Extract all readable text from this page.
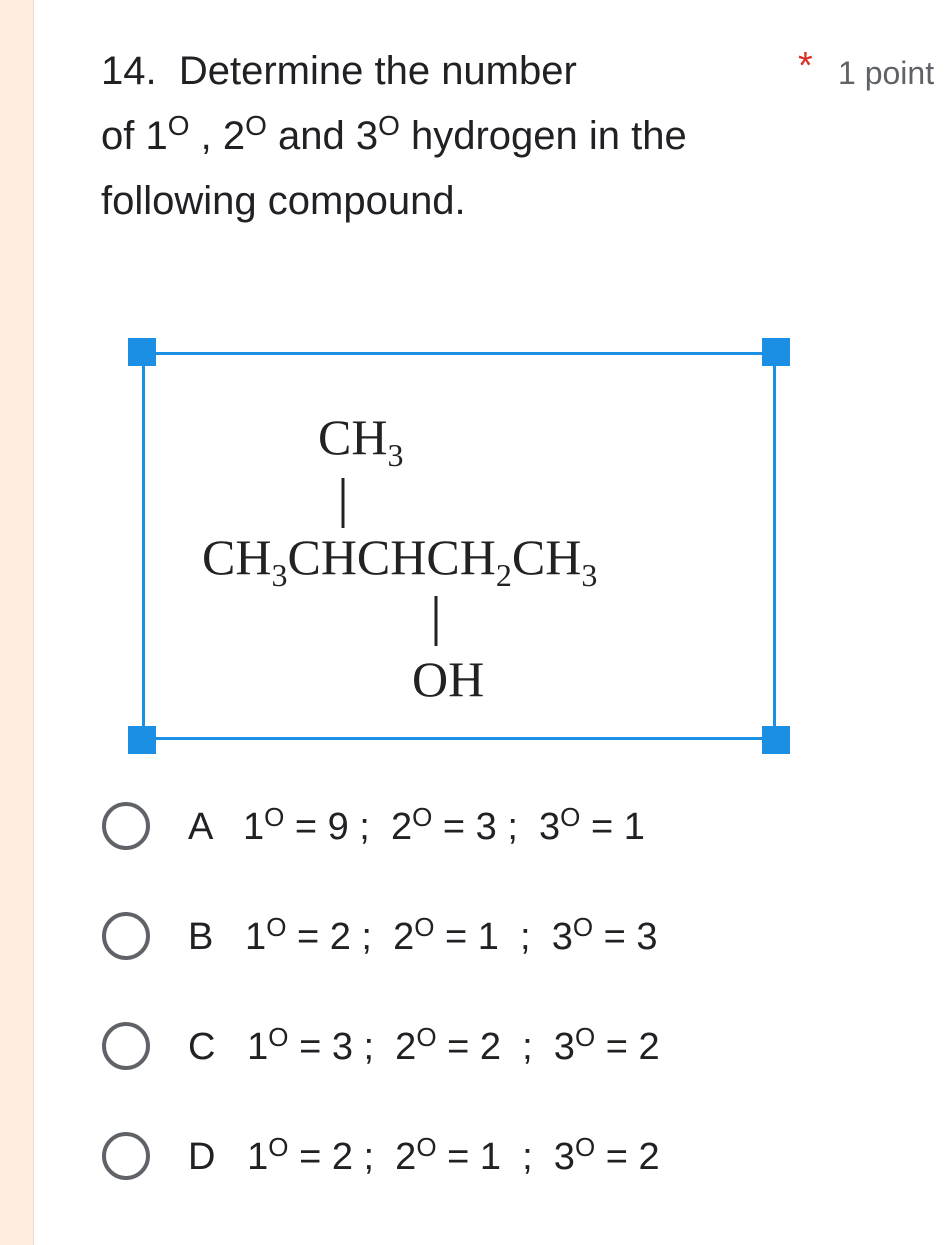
14. Determine the number
of $1^O$ , $2^O$ and $3^O$ hydrogen in the
following compound.
* 1 point
$CH_3$
$CH_3CHCHCH_2CH_3$
OH
A $1^O = 9$ ;  $2^O = 3$ ;  $3^O = 1$
B $1^O = 2$ ;  $2^O = 1$  ;  $3^O = 3$
C $1^O = 3$ ;  $2^O = 2$  ;  $3^O = 2$
D $1^O = 2$ ;  $2^O = 1$  ;  $3^O = 2$
